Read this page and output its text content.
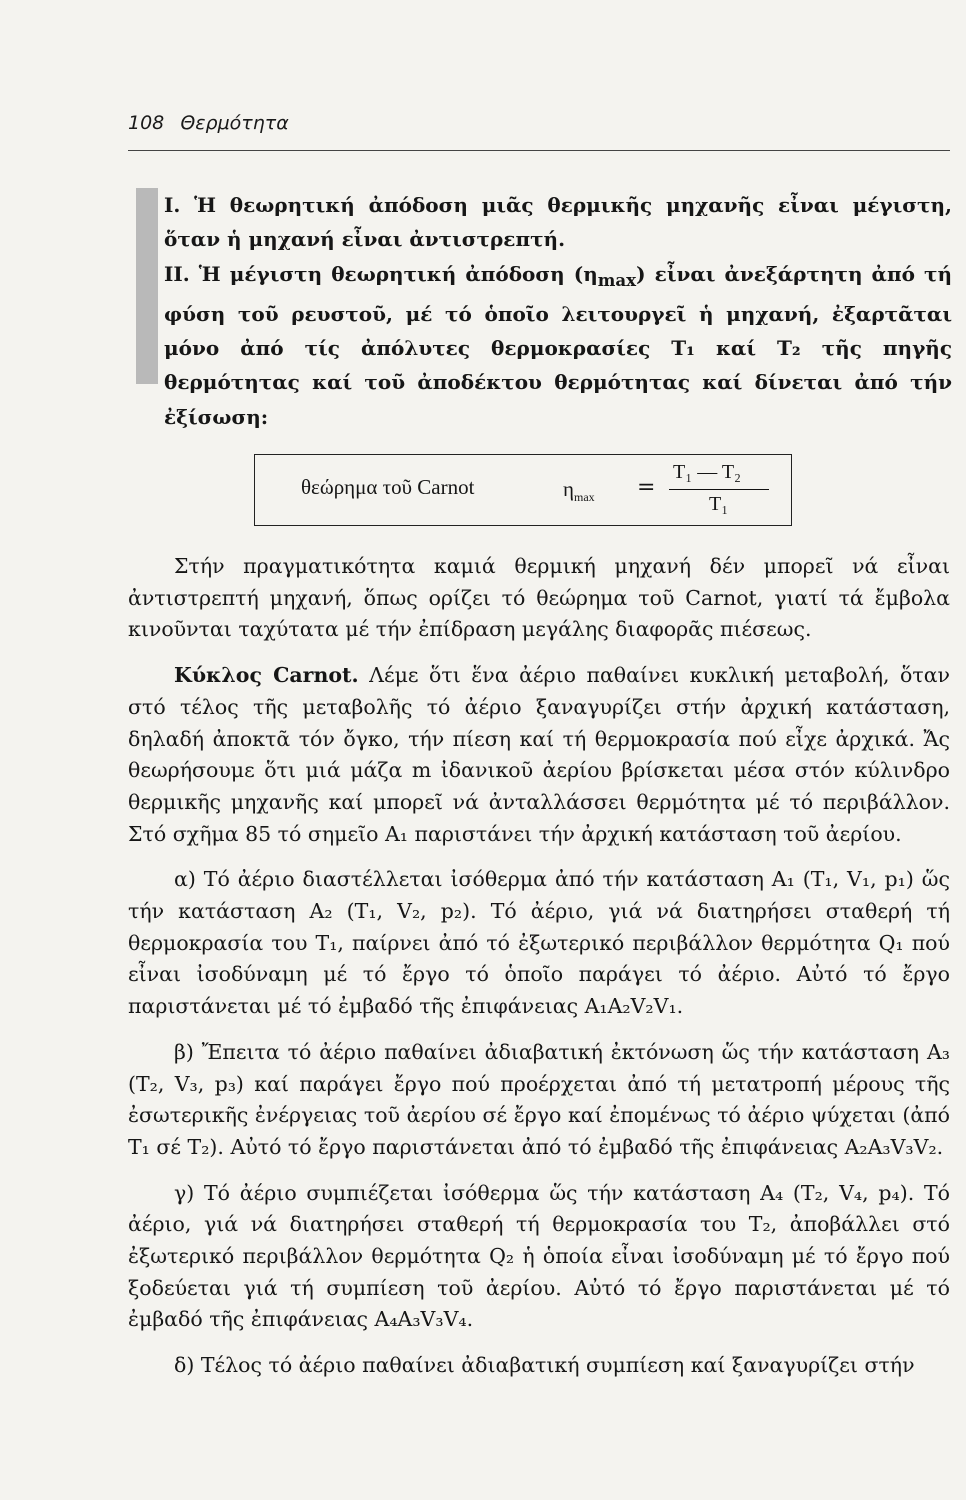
108 Θερμότητα

Ι. Ἡ θεωρητική ἀπόδοση μιᾶς θερμικῆς μηχανῆς εἶναι μέγιστη, ὅταν ἡ μηχανή εἶναι ἀντιστρεπτή.

ΙΙ. Ἡ μέγιστη θεωρητική ἀπόδοση $(\eta_{max})$ εἶναι ἀνεξάρτητη ἀπό τή φύση τοῦ ρευστοῦ, μέ τό ὁποῖο λειτουργεῖ ἡ μηχανή, ἐξαρτᾶται μόνο ἀπό τίς ἀπόλυτες θερμοκρασίες T₁ καί T₂ τῆς πηγῆς θερμότητας καί τοῦ ἀποδέκτου θερμότητας καί δίνεται ἀπό τήν ἐξίσωση:

θεώρημα τοῦ Carnot	$\eta_{max}$ =
T₁ — T₂
T₁

Στήν πραγματικότητα καμιά θερμική μηχανή δέν μπορεῖ νά εἶναι ἀντιστρεπτή μηχανή, ὅπως ορίζει τό θεώρημα τοῦ Carnot, γιατί τά ἔμβολα κινοῦνται ταχύτατα μέ τήν ἐπίδραση μεγάλης διαφορᾶς πιέσεως.

Κύκλος Carnot. Λέμε ὅτι ἕνα ἀέριο παθαίνει κυκλική μεταβολή, ὅταν στό τέλος τῆς μεταβολῆς τό ἀέριο ξαναγυρίζει στήν ἀρχική κατάσταση, δηλαδή ἀποκτᾶ τόν ὄγκο, τήν πίεση καί τή θερμοκρασία πού εἶχε ἀρχικά. Ἄς θεωρήσουμε ὅτι μιά μάζα m ἰδανικοῦ ἀερίου βρίσκεται μέσα στόν κύλινδρο θερμικῆς μηχανῆς καί μπορεῖ νά ἀνταλλάσσει θερμότητα μέ τό περιβάλλον. Στό σχῆμα 85 τό σημεῖο A₁ παριστάνει τήν ἀρχική κατάσταση τοῦ ἀερίου.

α) Τό ἀέριο διαστέλλεται ἰσόθερμα ἀπό τήν κατάσταση A₁ (T₁, V₁, p₁) ὥς τήν κατάσταση A₂ (T₁, V₂, p₂). Τό ἀέριο, γιά νά διατηρήσει σταθερή τή θερμοκρασία του T₁, παίρνει ἀπό τό ἐξωτερικό περιβάλλον θερμότητα Q₁ πού εἶναι ἰσοδύναμη μέ τό ἔργο τό ὁποῖο παράγει τό ἀέριο. Αὐτό τό ἔργο παριστάνεται μέ τό ἐμβαδό τῆς ἐπιφάνειας A₁A₂V₂V₁.

β) Ἔπειτα τό ἀέριο παθαίνει ἀδιαβατική ἐκτόνωση ὥς τήν κατάσταση A₃ (T₂, V₃, p₃) καί παράγει ἔργο πού προέρχεται ἀπό τή μετατροπή μέρους τῆς ἐσωτερικῆς ἐνέργειας τοῦ ἀερίου σέ ἔργο καί ἐπομένως τό ἀέριο ψύχεται (ἀπό T₁ σέ T₂). Αὐτό τό ἔργο παριστάνεται ἀπό τό ἐμβαδό τῆς ἐπιφάνειας A₂A₃V₃V₂.

γ) Τό ἀέριο συμπιέζεται ἰσόθερμα ὥς τήν κατάσταση A₄ (T₂, V₄, p₄). Τό ἀέριο, γιά νά διατηρήσει σταθερή τή θερμοκρασία του T₂, ἀποβάλλει στό ἐξωτερικό περιβάλλον θερμότητα Q₂ ἡ ὁποία εἶναι ἰσοδύναμη μέ τό ἔργο πού ξοδεύεται γιά τή συμπίεση τοῦ ἀερίου. Αὐτό τό ἔργο παριστάνεται μέ τό ἐμβαδό τῆς ἐπιφάνειας A₄A₃V₃V₄.

δ) Τέλος τό ἀέριο παθαίνει ἀδιαβατική συμπίεση καί ξαναγυρίζει στήν
